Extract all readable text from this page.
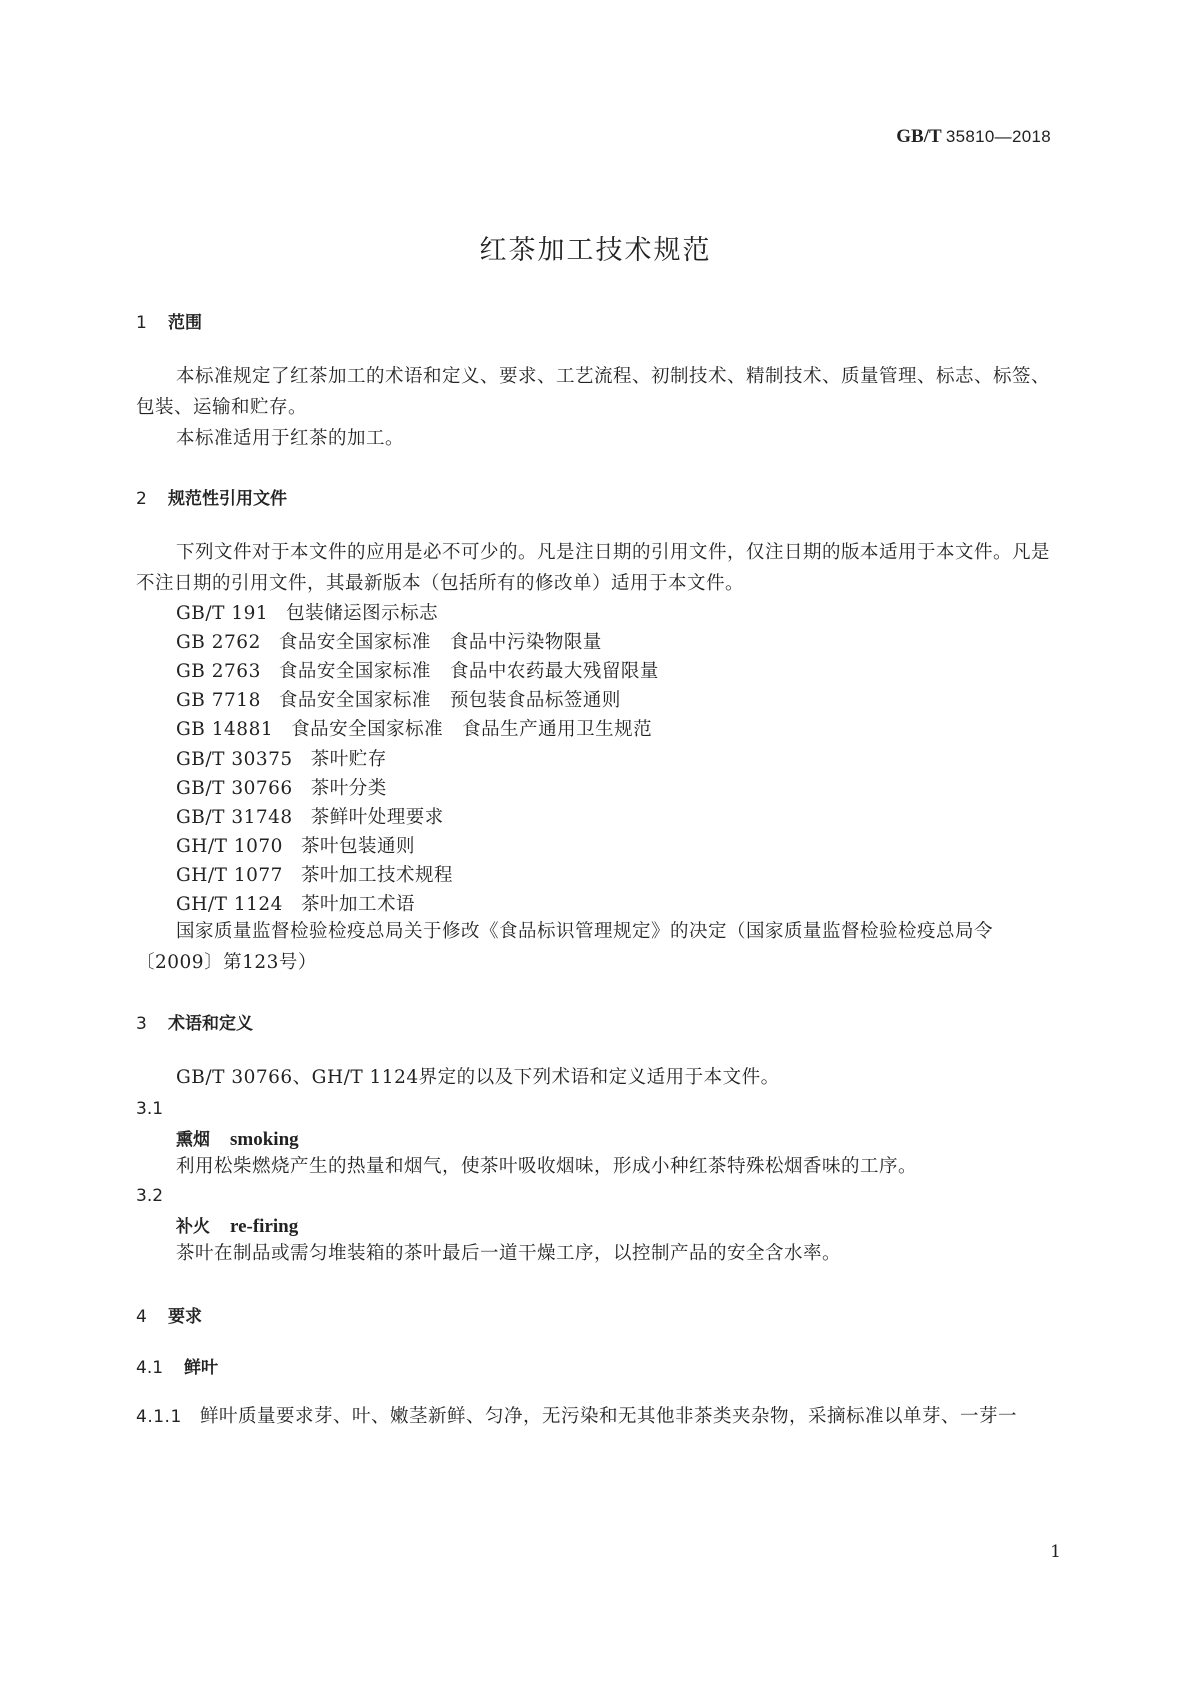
GB/T 35810—2018
红茶加工技术规范
1 范围
本标准规定了红茶加工的术语和定义、要求、工艺流程、初制技术、精制技术、质量管理、标志、标签、包装、运输和贮存。
本标准适用于红茶的加工。
2 规范性引用文件
下列文件对于本文件的应用是必不可少的。凡是注日期的引用文件，仅注日期的版本适用于本文件。凡是不注日期的引用文件，其最新版本（包括所有的修改单）适用于本文件。
GB/T 191 包装储运图示标志
GB 2762 食品安全国家标准　食品中污染物限量
GB 2763 食品安全国家标准　食品中农药最大残留限量
GB 7718 食品安全国家标准　预包装食品标签通则
GB 14881 食品安全国家标准　食品生产通用卫生规范
GB/T 30375 茶叶贮存
GB/T 30766 茶叶分类
GB/T 31748 茶鲜叶处理要求
GH/T 1070 茶叶包装通则
GH/T 1077 茶叶加工技术规程
GH/T 1124 茶叶加工术语
国家质量监督检验检疫总局关于修改《食品标识管理规定》的决定（国家质量监督检验检疫总局令〔2009〕第123号）
3 术语和定义
GB/T 30766、GH/T 1124界定的以及下列术语和定义适用于本文件。
3.1
熏烟 smoking
利用松柴燃烧产生的热量和烟气，使茶叶吸收烟味，形成小种红茶特殊松烟香味的工序。
3.2
补火 re-firing
茶叶在制品或需匀堆装箱的茶叶最后一道干燥工序，以控制产品的安全含水率。
4 要求
4.1 鲜叶
4.1.1 鲜叶质量要求芽、叶、嫩茎新鲜、匀净，无污染和无其他非茶类夹杂物，采摘标准以单芽、一芽一
1
